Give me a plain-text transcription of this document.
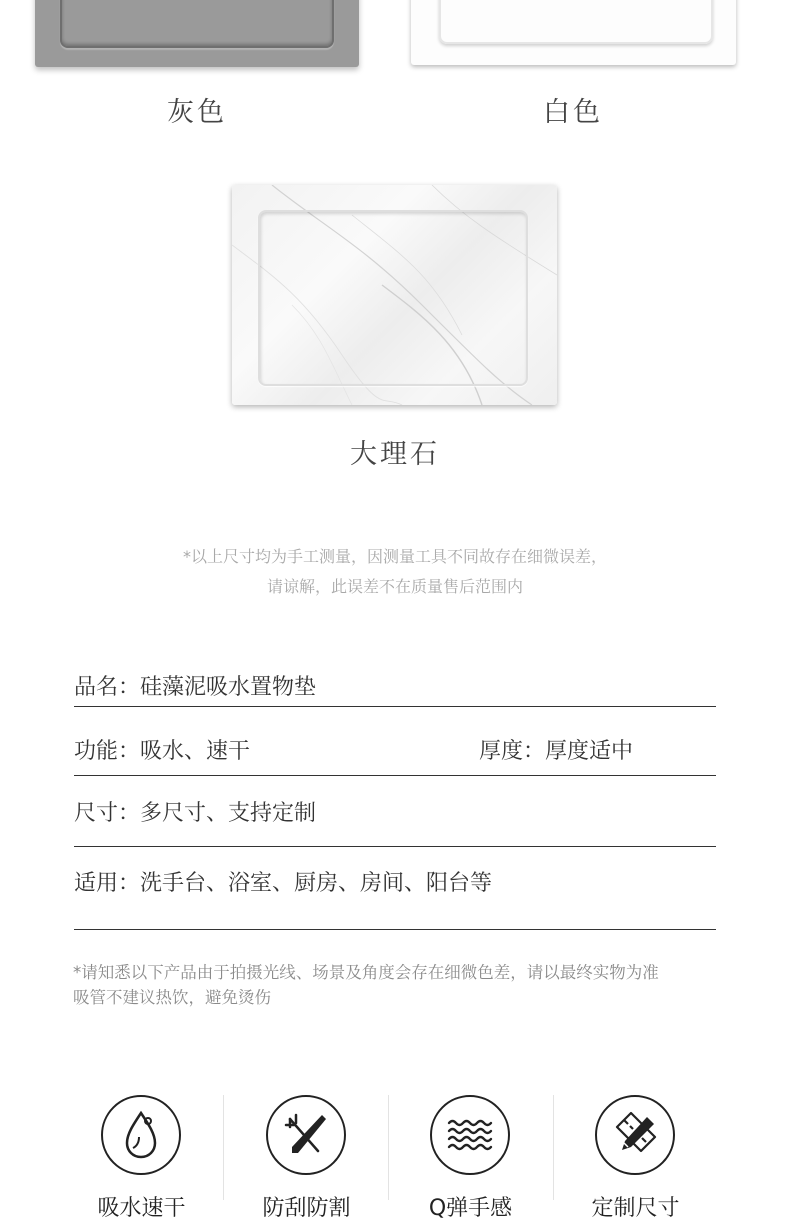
灰色	白色
大理石
*以上尺寸均为手工测量，因测量工具不同故存在细微误差，
请谅解，此误差不在质量售后范围内
品名：硅藻泥吸水置物垫
功能：吸水、速干	厚度：厚度适中
尺寸：多尺寸、支持定制
适用：洗手台、浴室、厨房、房间、阳台等
*请知悉以下产品由于拍摄光线、场景及角度会存在细微色差，请以最终实物为准
吸管不建议热饮，避免烫伤
吸水速干	防刮防割	Q弹手感	定制尺寸
